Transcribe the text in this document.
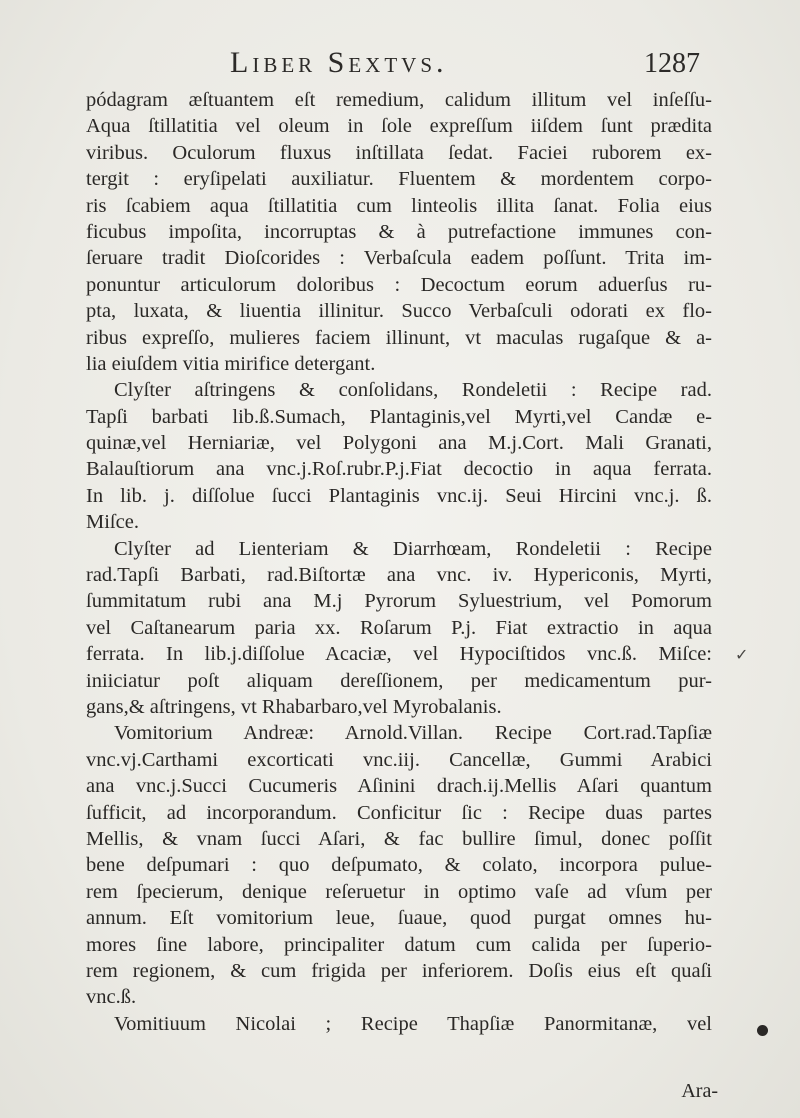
Liber Sextvs.	1287
pódagram æſtuantem eſt remedium, calidum illitum vel inſeſſu-
Aqua ſtillatitia vel oleum in ſole expreſſum iiſdem ſunt prædita
viribus. Oculorum fluxus inſtillata ſedat. Faciei ruborem ex-
tergit : eryſipelati auxiliatur. Fluentem & mordentem corpo-
ris ſcabiem aqua ſtillatitia cum linteolis illita ſanat. Folia eius
ficubus impoſita, incorruptas & à putrefactione immunes con-
ſeruare tradit Dioſcorides : Verbaſcula eadem poſſunt. Trita im-
ponuntur articulorum doloribus : Decoctum eorum aduerſus ru-
pta, luxata, & liuentia illinitur. Succo Verbaſculi odorati ex flo-
ribus expreſſo, mulieres faciem illinunt, vt maculas rugaſque & a-
lia eiuſdem vitia mirifice detergant.
Clyſter aſtringens & conſolidans, Rondeletii : Recipe rad.
Tapſi barbati lib.ß.Sumach, Plantaginis,vel Myrti,vel Candæ e-
quinæ,vel Herniariæ, vel Polygoni ana M.j.Cort. Mali Granati,
Balauſtiorum ana vnc.j.Roſ.rubr.P.j.Fiat decoctio in aqua ferrata.
In lib. j. diſſolue ſucci Plantaginis vnc.ij. Seui Hircini vnc.j. ß.
Miſce.
Clyſter ad Lienteriam & Diarrhœam, Rondeletii : Recipe
rad.Tapſi Barbati, rad.Biſtortæ ana vnc. iv. Hypericonis, Myrti,
ſummitatum rubi ana M.j Pyrorum Syluestrium, vel Pomorum
vel Caſtanearum paria xx. Roſarum P.j. Fiat extractio in aqua
ferrata. In lib.j.diſſolue Acaciæ, vel Hypociſtidos vnc.ß. Miſce:
iniiciatur poſt aliquam dereſſionem, per medicamentum pur-
gans,& aſtringens, vt Rhabarbaro,vel Myrobalanis.
Vomitorium Andreæ: Arnold.Villan. Recipe Cort.rad.Tapſiæ
vnc.vj.Carthami excorticati vnc.iij. Cancellæ, Gummi Arabici
ana vnc.j.Succi Cucumeris Aſinini drach.ij.Mellis Aſari quantum
ſufficit, ad incorporandum. Conficitur ſic : Recipe duas partes
Mellis, & vnam ſucci Aſari, & fac bullire ſimul, donec poſſit
bene deſpumari : quo deſpumato, & colato, incorpora pulue-
rem ſpecierum, denique reſeruetur in optimo vaſe ad vſum per
annum. Eſt vomitorium leue, ſuaue, quod purgat omnes hu-
mores ſine labore, principaliter datum cum calida per ſuperio-
rem regionem, & cum frigida per inferiorem. Doſis eius eſt quaſi
vnc.ß.
Vomitiuum Nicolai ; Recipe Thapſiæ Panormitanæ, vel
Ara-
✓
